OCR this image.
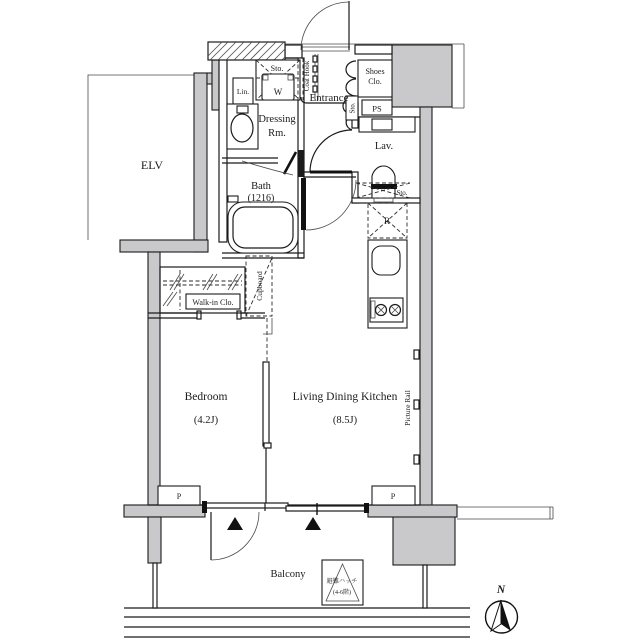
ELV
Entrance
Coat Hook	Shoes
Clo.
Sto. PS
Lav.
Sto.
R
Dressing
Rm.
Sto.
W
Lin.
Bath
(1216)
Walk-in Clo.
Cupboard
Bedroom
(4.2J)
Living Dining Kitchen
(8.5J)	Picture Rail
P	P
Balcony
避難ハッチ
(4-6階)	N
